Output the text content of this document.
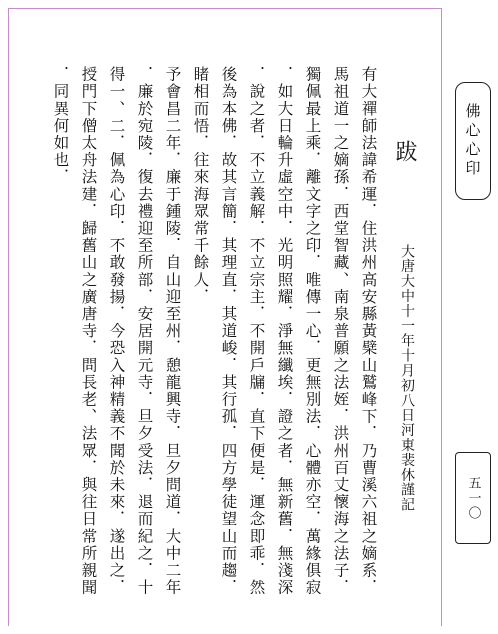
佛心心印
五一〇
跋
大唐大中十一年十月初八日河東裴休謹記
有大禪師法諱希運．住洪州高安縣黃檗山鷲峰下．乃曹溪六祖之嫡系．
馬祖道一之嫡孫．西堂智藏、南泉普願之法姪．洪州百丈懷海之法子．
獨佩最上乘．離文字之印．唯傳一心．更無別法．心體亦空．萬緣俱寂
．如大日輪升虛空中．光明照耀．淨無纖埃．證之者．無新舊．無淺深
．說之者．不立義解．不立宗主．不開戶牖．直下便是．運念即乖．然
後為本佛．故其言簡．其理直．其道峻．其行孤．四方學徒望山而趨．
睹相而悟．往來海眾常千餘人．
予會昌二年．廉于鍾陵．自山迎至州．憩龍興寺．旦夕問道．大中二年
．廉於宛陵．復去禮迎至所部．安居開元寺．旦夕受法．退而紀之．十
得一、二．佩為心印．不敢發揚．今恐入神精義不聞於未來．遂出之．
授門下僧太舟法建．歸舊山之廣唐寺．問長老、法眾．與往日常所親聞
．同異何如也．
